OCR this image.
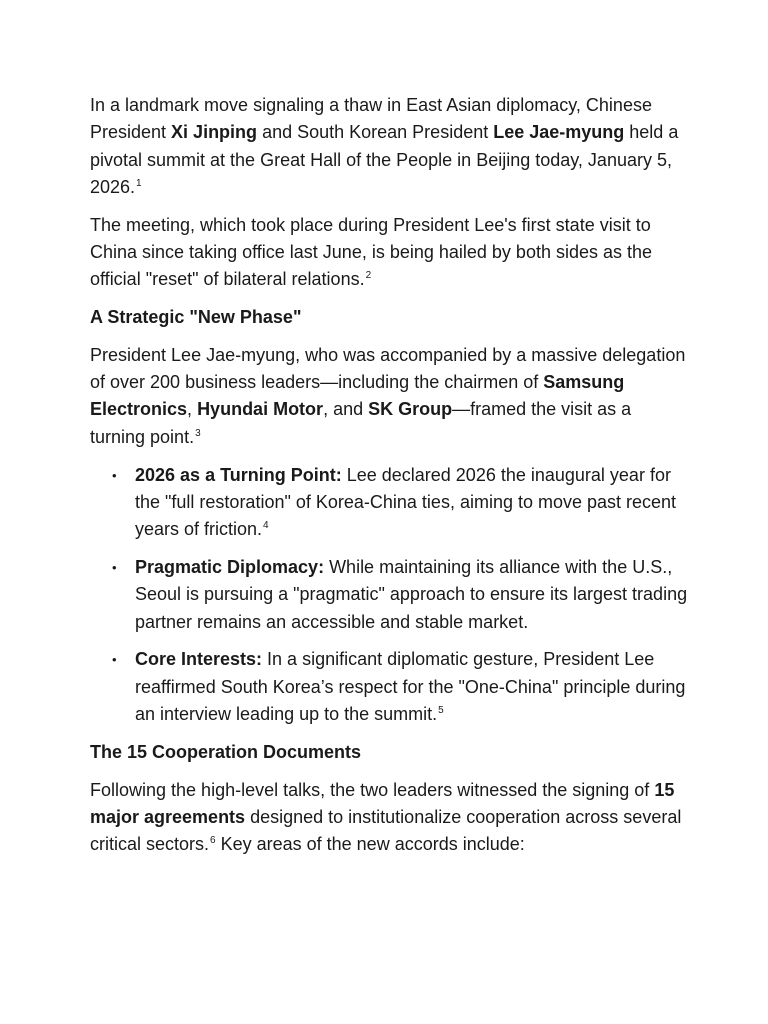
In a landmark move signaling a thaw in East Asian diplomacy, Chinese President Xi Jinping and South Korean President Lee Jae-myung held a pivotal summit at the Great Hall of the People in Beijing today, January 5, 2026.$^1$

The meeting, which took place during President Lee's first state visit to China since taking office last June, is being hailed by both sides as the official "reset" of bilateral relations.$^2$

A Strategic "New Phase"

President Lee Jae-myung, who was accompanied by a massive delegation of over 200 business leaders—including the chairmen of Samsung Electronics, Hyundai Motor, and SK Group—framed the visit as a turning point.$^3$

• 2026 as a Turning Point: Lee declared 2026 the inaugural year for the "full restoration" of Korea-China ties, aiming to move past recent years of friction.$^4$
• Pragmatic Diplomacy: While maintaining its alliance with the U.S., Seoul is pursuing a "pragmatic" approach to ensure its largest trading partner remains an accessible and stable market.
• Core Interests: In a significant diplomatic gesture, President Lee reaffirmed South Korea’s respect for the "One-China" principle during an interview leading up to the summit.$^5$
The 15 Cooperation Documents

Following the high-level talks, the two leaders witnessed the signing of 15 major agreements designed to institutionalize cooperation across several critical sectors.$^6$ Key areas of the new accords include:
